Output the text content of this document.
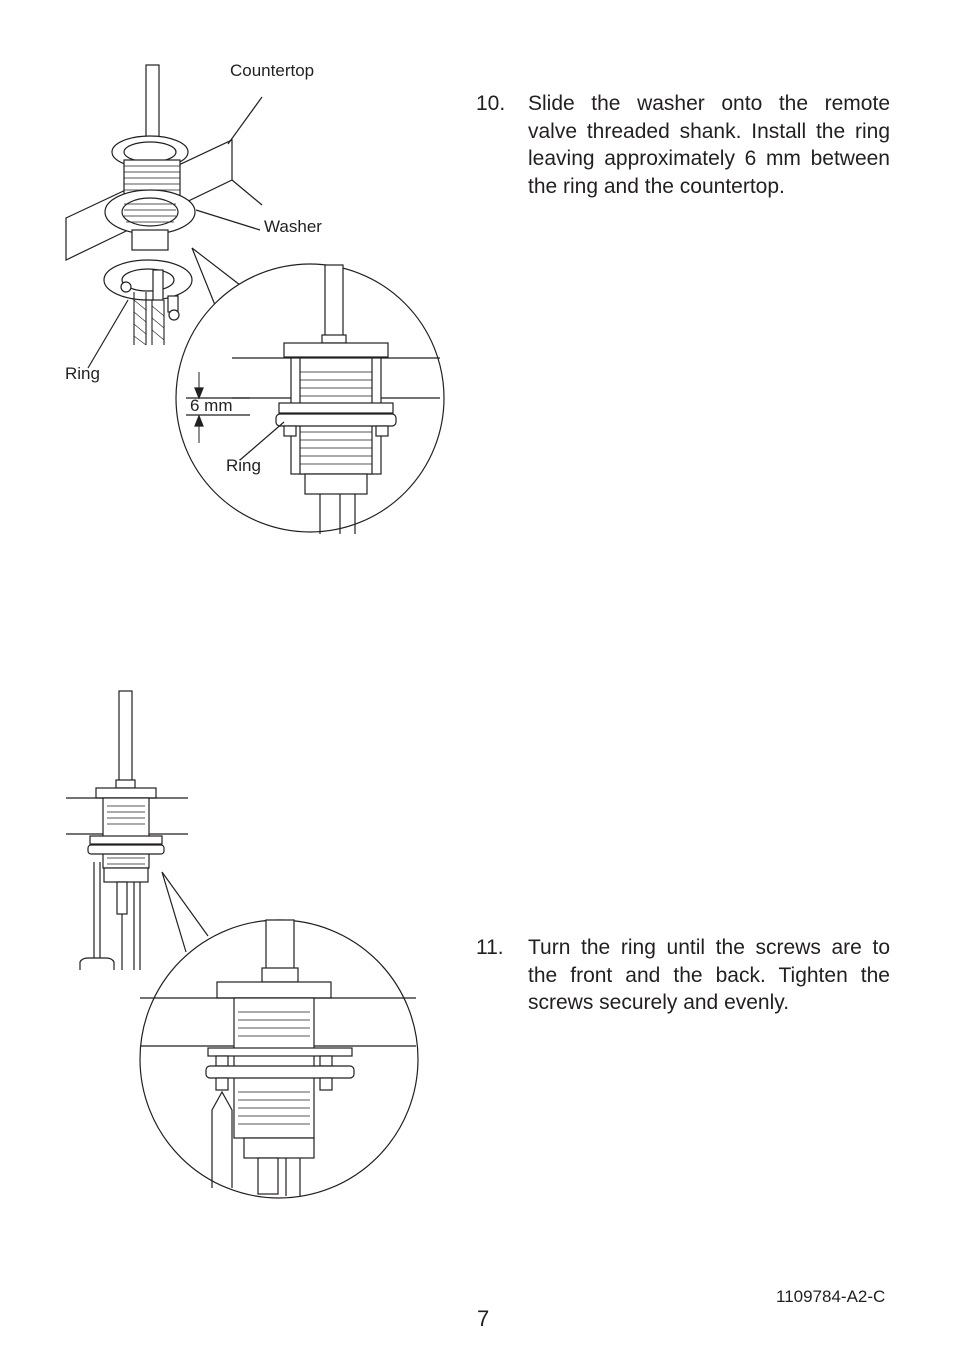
Countertop
Washer
Ring
6 mm
Ring
10. Slide the washer onto the remote valve threaded shank. Install the ring leaving approximately 6 mm between the ring and the countertop.
11. Turn the ring until the screws are to the front and the back. Tighten the screws securely and evenly.
1109784-A2-C
7
